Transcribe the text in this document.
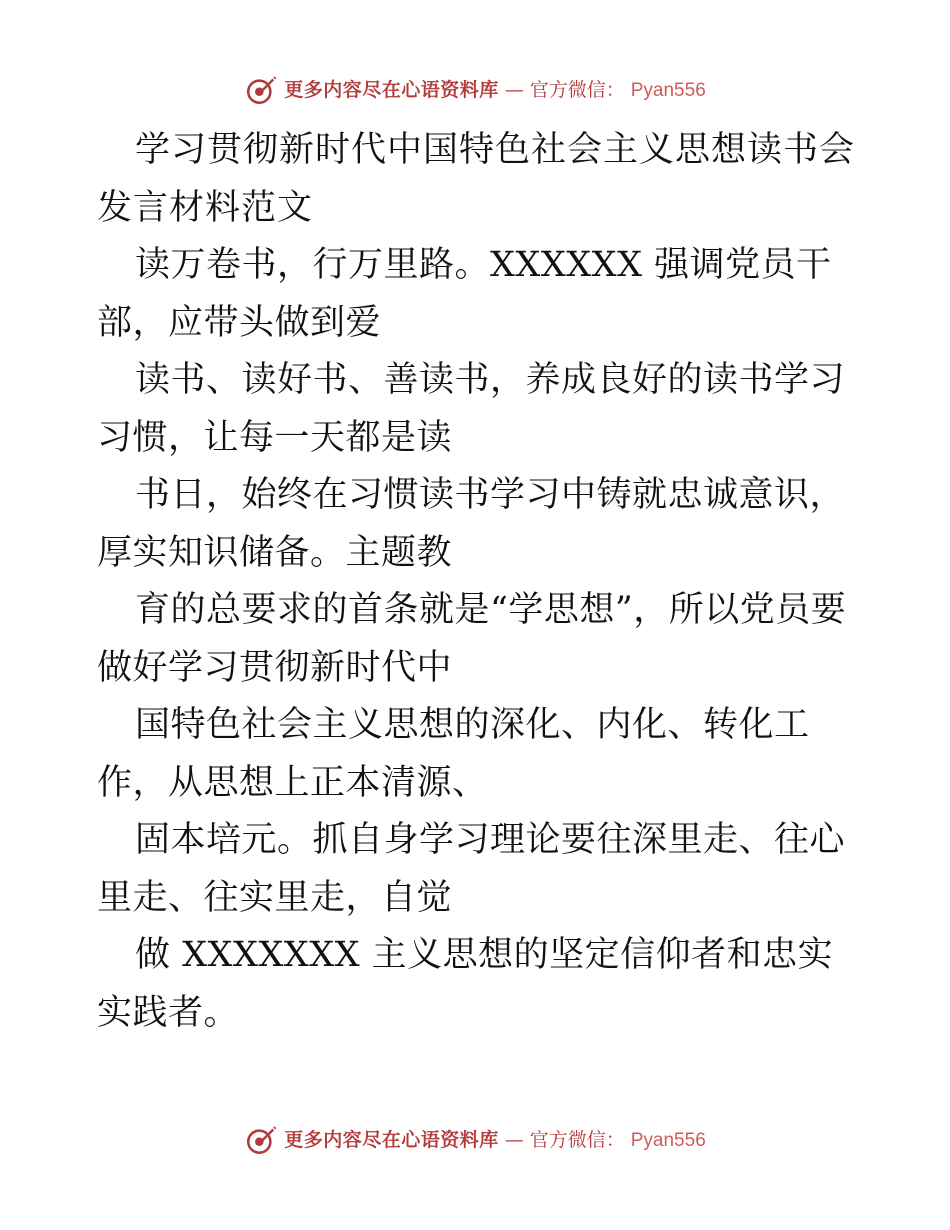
更多内容尽在心语资料库 — 官方微信： Pyan556

学习贯彻新时代中国特色社会主义思想读书会发言材料范文

读万卷书，行万里路。XXXXXX 强调党员干部，应带头做到爱

读书、读好书、善读书，养成良好的读书学习习惯，让每一天都是读

书日，始终在习惯读书学习中铸就忠诚意识，厚实知识储备。主题教

育的总要求的首条就是“学思想”，所以党员要做好学习贯彻新时代中

国特色社会主义思想的深化、内化、转化工作，从思想上正本清源、

固本培元。抓自身学习理论要往深里走、往心里走、往实里走，自觉

做 XXXXXXX 主义思想的坚定信仰者和忠实实践者。

更多内容尽在心语资料库 — 官方微信： Pyan556
